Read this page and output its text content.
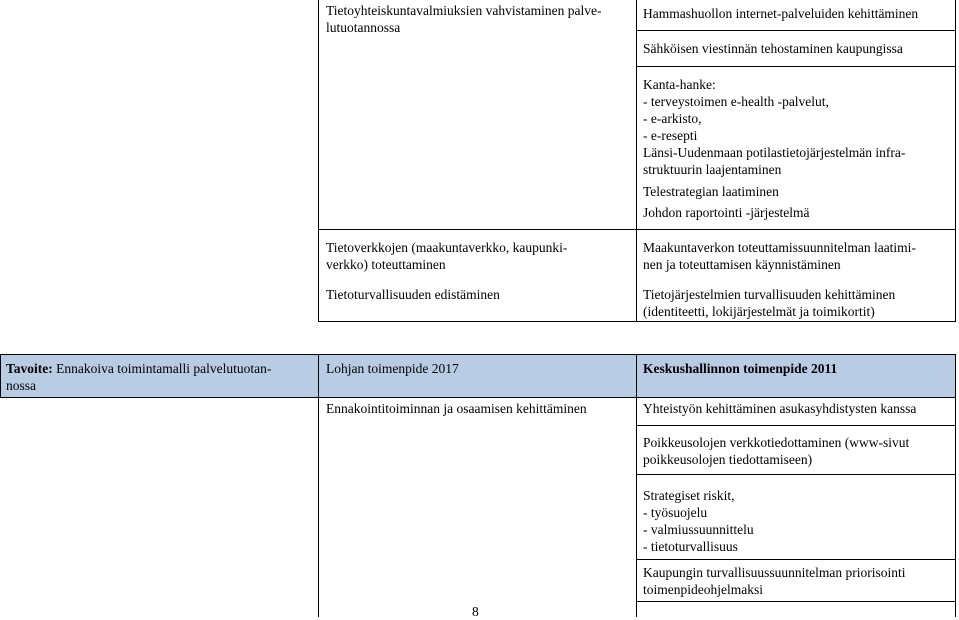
Tietoyhteiskuntavalmiuksien vahvistaminen palve-
lutuotannossa
Tietoverkkojen (maakuntaverkko, kaupunki-
verkko) toteuttaminen
Tietoturvallisuuden edistäminen
Hammashuollon internet-palveluiden kehittäminen
Sähköisen viestinnän tehostaminen kaupungissa
Kanta-hanke:
- terveystoimen e-health -palvelut,
- e-arkisto,
- e-resepti
Länsi-Uudenmaan potilastietojärjestelmän infra-
struktuurin laajentaminen
Telestrategian laatiminen
Johdon raportointi -järjestelmä
Maakuntaverkon toteuttamissuunnitelman laatimi-
nen ja toteuttamisen käynnistäminen
Tietojärjestelmien turvallisuuden kehittäminen
(identiteetti, lokijärjestelmät ja toimikortit)
Tavoite: Ennakoiva toimintamalli palvelutuotan-
nossa
Lohjan toimenpide 2017	Keskushallinnon toimenpide 2011
Ennakointitoiminnan ja osaamisen kehittäminen	Yhteistyön kehittäminen asukasyhdistysten kanssa
Poikkeusolojen verkkotiedottaminen (www-sivut
poikkeusolojen tiedottamiseen)
Strategiset riskit,
- työsuojelu
- valmiussuunnittelu
- tietoturvallisuus
Kaupungin turvallisuussuunnitelman priorisointi
toimenpideohjelmaksi
8
